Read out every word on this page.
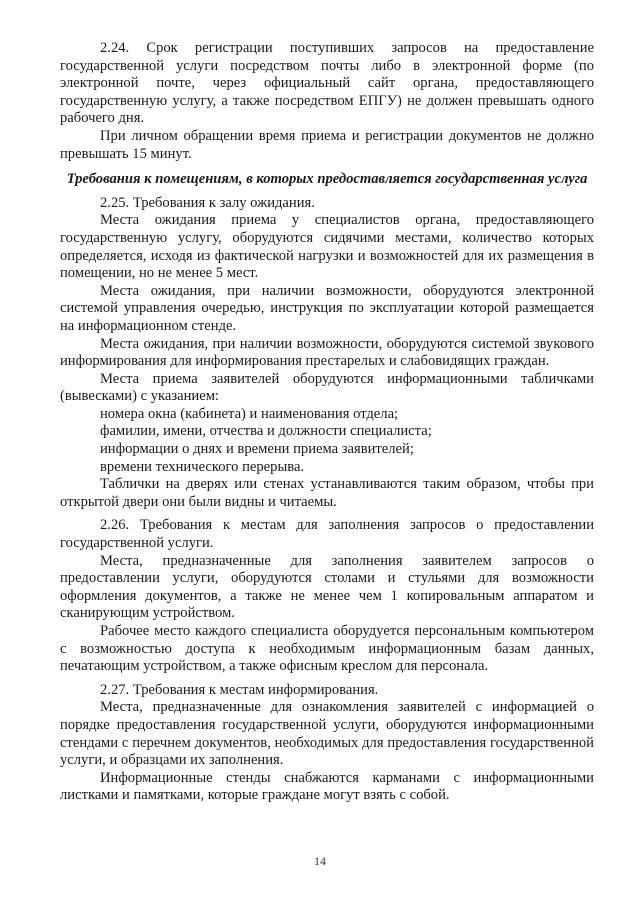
2.24. Срок регистрации поступивших запросов на предоставление государственной услуги посредством почты либо в электронной форме (по электронной почте, через официальный сайт органа, предоставляющего государственную услугу, а также посредством ЕПГУ) не должен превышать одного рабочего дня.

При личном обращении время приема и регистрации документов не должно превышать 15 минут.

Требования к помещениям, в которых предоставляется государственная услуга

2.25. Требования к залу ожидания.

Места ожидания приема у специалистов органа, предоставляющего государственную услугу, оборудуются сидячими местами, количество которых определяется, исходя из фактической нагрузки и возможностей для их размещения в помещении, но не менее 5 мест.

Места ожидания, при наличии возможности, оборудуются электронной системой управления очередью, инструкция по эксплуатации которой размещается на информационном стенде.

Места ожидания, при наличии возможности, оборудуются системой звукового информирования для информирования престарелых и слабовидящих граждан.

Места приема заявителей оборудуются информационными табличками (вывесками) с указанием:

номера окна (кабинета) и наименования отдела;

фамилии, имени, отчества и должности специалиста;

информации о днях и времени приема заявителей;

времени технического перерыва.

Таблички на дверях или стенах устанавливаются таким образом, чтобы при открытой двери они были видны и читаемы.

2.26. Требования к местам для заполнения запросов о предоставлении государственной услуги.

Места, предназначенные для заполнения заявителем запросов о предоставлении услуги, оборудуются столами и стульями для возможности оформления документов, а также не менее чем 1 копировальным аппаратом и сканирующим устройством.

Рабочее место каждого специалиста оборудуется персональным компьютером с возможностью доступа к необходимым информационным базам данных, печатающим устройством, а также офисным креслом для персонала.

2.27. Требования к местам информирования.

Места, предназначенные для ознакомления заявителей с информацией о порядке предоставления государственной услуги, оборудуются информационными стендами с перечнем документов, необходимых для предоставления государственной услуги, и образцами их заполнения.

Информационные стенды снабжаются карманами с информационными листками и памятками, которые граждане могут взять с собой.

14
